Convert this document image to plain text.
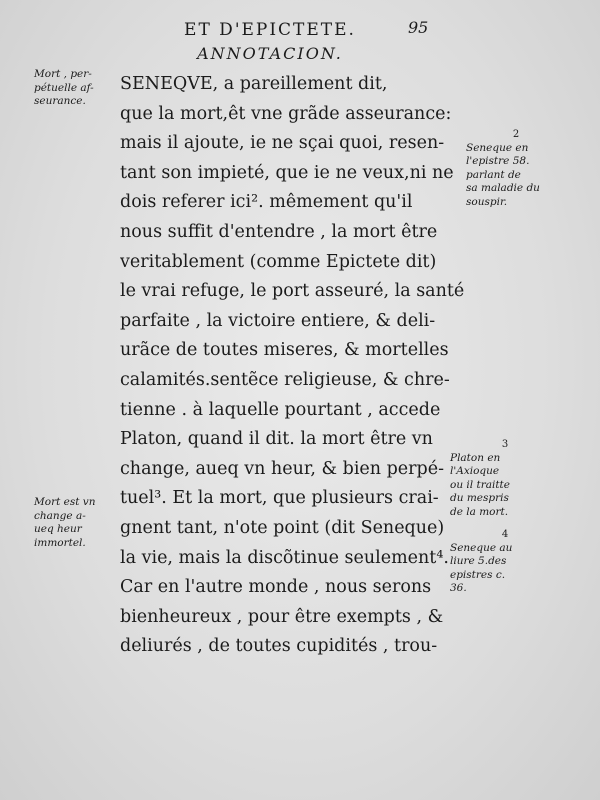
ET D'EPICTETE.	95
ANNOTACION.
Mort , per-
pétuelle af-
seurance.
Mort est vn
change a-
ueq heur
immortel.
SENEQVE, a pareillement dit,
que la mort,êt vne grãde asseurance:
mais il ajoute, ie ne sçai quoi, resen-
tant son impieté, que ie ne veux,ni ne
dois referer ici². mêmement qu'il
nous suffit d'entendre , la mort être
veritablement (comme Epictete dit)
le vrai refuge, le port asseuré, la santé
parfaite , la victoire entiere, & deli-
urãce de toutes miseres, & mortelles
calamités.sentẽce religieuse, & chre-
tienne . à laquelle pourtant , accede
Platon, quand il dit. la mort être vn
change, aueq vn heur, & bien perpé-
tuel³. Et la mort, que plusieurs crai-
gnent tant, n'ote point (dit Seneque)
la vie, mais la discõtinue seulement⁴.
Car en l'autre monde , nous serons
bienheureux , pour être exempts , &
deliurés , de toutes cupidités , trou-
2
Seneque en
l'epistre 58.
parlant de
sa maladie du souspir.
3
Platon en
l'Axioque
ou il traitte
du mespris
de la mort.
4
Seneque au
liure 5.des
epistres c.
36.
